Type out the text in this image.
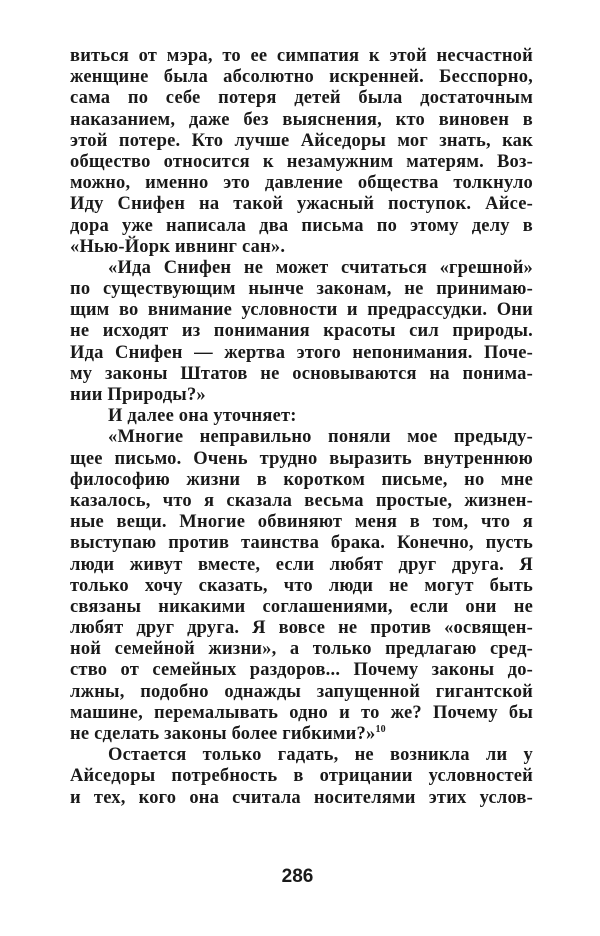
виться от мэра, то ее симпатия к этой несчастной
женщине была абсолютно искренней. Бесспорно,
сама по себе потеря детей была достаточным
наказанием, даже без выяснения, кто виновен в
этой потере. Кто лучше Айседоры мог знать, как
общество относится к незамужним матерям. Воз-
можно, именно это давление общества толкнуло
Иду Снифен на такой ужасный поступок. Айсе-
дора уже написала два письма по этому делу в
«Нью-Йорк ивнинг сан».
«Ида Снифен не может считаться «грешной»
по существующим нынче законам, не принимаю-
щим во внимание условности и предрассудки. Они
не исходят из понимания красоты сил природы.
Ида Снифен — жертва этого непонимания. Поче-
му законы Штатов не основываются на понима-
нии Природы?»
И далее она уточняет:
«Многие неправильно поняли мое предыду-
щее письмо. Очень трудно выразить внутреннюю
философию жизни в коротком письме, но мне
казалось, что я сказала весьма простые, жизнен-
ные вещи. Многие обвиняют меня в том, что я
выступаю против таинства брака. Конечно, пусть
люди живут вместе, если любят друг друга. Я
только хочу сказать, что люди не могут быть
связаны никакими соглашениями, если они не
любят друг друга. Я вовсе не против «освящен-
ной семейной жизни», а только предлагаю сред-
ство от семейных раздоров... Почему законы до-
лжны, подобно однажды запущенной гигантской
машине, перемалывать одно и то же? Почему бы
не сделать законы более гибкими?»$^{10}$
Остается только гадать, не возникла ли у
Айседоры потребность в отрицании условностей
и тех, кого она считала носителями этих услов-
286
